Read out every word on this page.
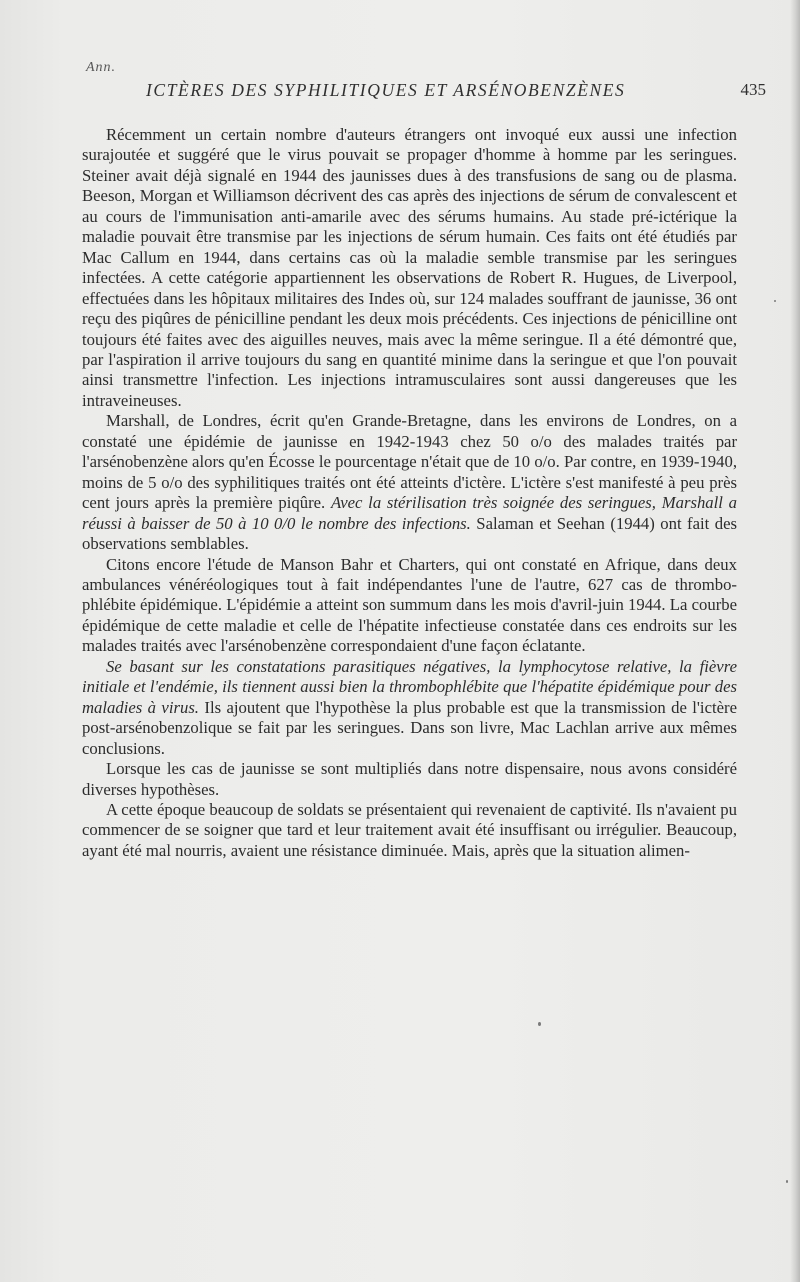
Ann.
ICTÈRES DES SYPHILITIQUES ET ARSÉNOBENZÈNES	435

Récemment un certain nombre d'auteurs étrangers ont invoqué eux aussi une infection surajoutée et suggéré que le virus pouvait se propager d'homme à homme par les seringues. Steiner avait déjà signalé en 1944 des jaunisses dues à des transfusions de sang ou de plasma. Beeson, Morgan et Williamson décrivent des cas après des injections de sérum de convalescent et au cours de l'immunisation anti-amarile avec des sérums humains. Au stade pré-ictérique la maladie pouvait être transmise par les injections de sérum humain. Ces faits ont été étudiés par Mac Callum en 1944, dans certains cas où la maladie semble transmise par les seringues infectées. A cette catégorie appartiennent les observations de Robert R. Hugues, de Liverpool, effectuées dans les hôpitaux militaires des Indes où, sur 124 malades souffrant de jaunisse, 36 ont reçu des piqûres de pénicilline pendant les deux mois précédents. Ces injections de pénicilline ont toujours été faites avec des aiguilles neuves, mais avec la même seringue. Il a été démontré que, par l'aspiration il arrive toujours du sang en quantité minime dans la seringue et que l'on pouvait ainsi transmettre l'infection. Les injections intramusculaires sont aussi dangereuses que les intraveineuses.

Marshall, de Londres, écrit qu'en Grande-Bretagne, dans les environs de Londres, on a constaté une épidémie de jaunisse en 1942-1943 chez 50 o/o des malades traités par l'arsénobenzène alors qu'en Écosse le pourcentage n'était que de 10 o/o. Par contre, en 1939-1940, moins de 5 o/o des syphilitiques traités ont été atteints d'ictère. L'ictère s'est manifesté à peu près cent jours après la première piqûre. Avec la stérilisation très soignée des seringues, Marshall a réussi à baisser de 50 à 10 0/0 le nombre des infections. Salaman et Seehan (1944) ont fait des observations semblables.

Citons encore l'étude de Manson Bahr et Charters, qui ont constaté en Afrique, dans deux ambulances vénéréologiques tout à fait indépendantes l'une de l'autre, 627 cas de thrombo-phlébite épidémique. L'épidémie a atteint son summum dans les mois d'avril-juin 1944. La courbe épidémique de cette maladie et celle de l'hépatite infectieuse constatée dans ces endroits sur les malades traités avec l'arsénobenzène correspondaient d'une façon éclatante.

Se basant sur les constatations parasitiques négatives, la lymphocytose relative, la fièvre initiale et l'endémie, ils tiennent aussi bien la thrombophlébite que l'hépatite épidémique pour des maladies à virus. Ils ajoutent que l'hypothèse la plus probable est que la transmission de l'ictère post-arsénobenzolique se fait par les seringues. Dans son livre, Mac Lachlan arrive aux mêmes conclusions.

Lorsque les cas de jaunisse se sont multipliés dans notre dispensaire, nous avons considéré diverses hypothèses.

A cette époque beaucoup de soldats se présentaient qui revenaient de captivité. Ils n'avaient pu commencer de se soigner que tard et leur traitement avait été insuffisant ou irrégulier. Beaucoup, ayant été mal nourris, avaient une résistance diminuée. Mais, après que la situation alimen-
